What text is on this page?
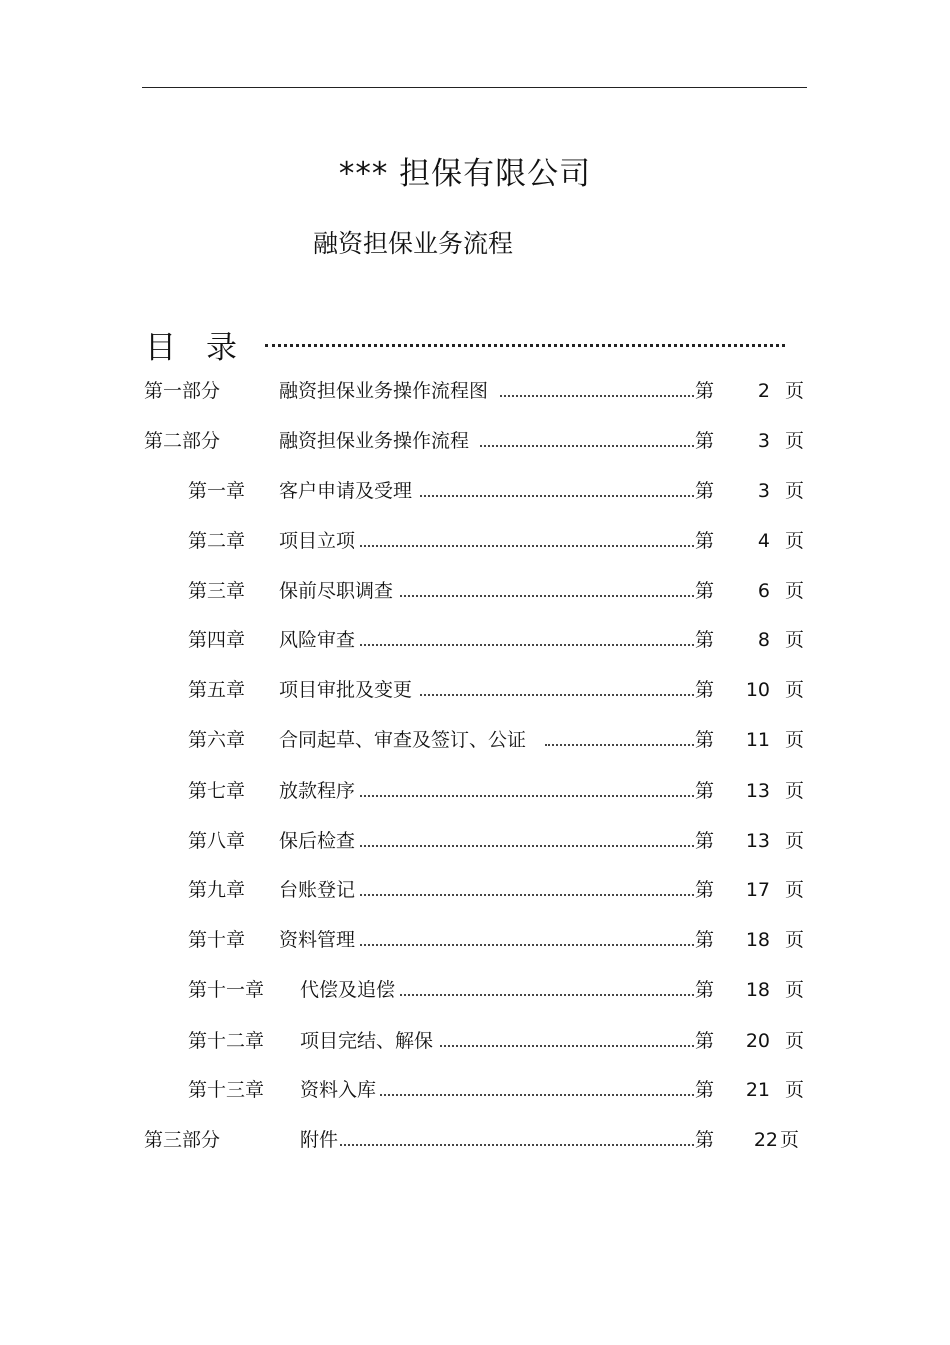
*** 担保有限公司
融资担保业务流程
目录
第一部分	融资担保业务操作流程图	第 2 页
第二部分	融资担保业务操作流程	第 3 页
第一章 客户申请及受理	第 3 页
第二章 项目立项	第 4 页
第三章 保前尽职调查	第 6 页
第四章 风险审查	第 8 页
第五章 项目审批及变更	第 10 页
第六章 合同起草、审查及签订、公证	第 11 页
第七章 放款程序	第 13 页
第八章 保后检查	第 13 页
第九章 台账登记	第 17 页
第十章 资料管理	第 18 页
第十一章 代偿及追偿	第 18 页
第十二章 项目完结、解保	第 20 页
第十三章 资料入库	第 21 页
第三部分	附件	第 22 页
